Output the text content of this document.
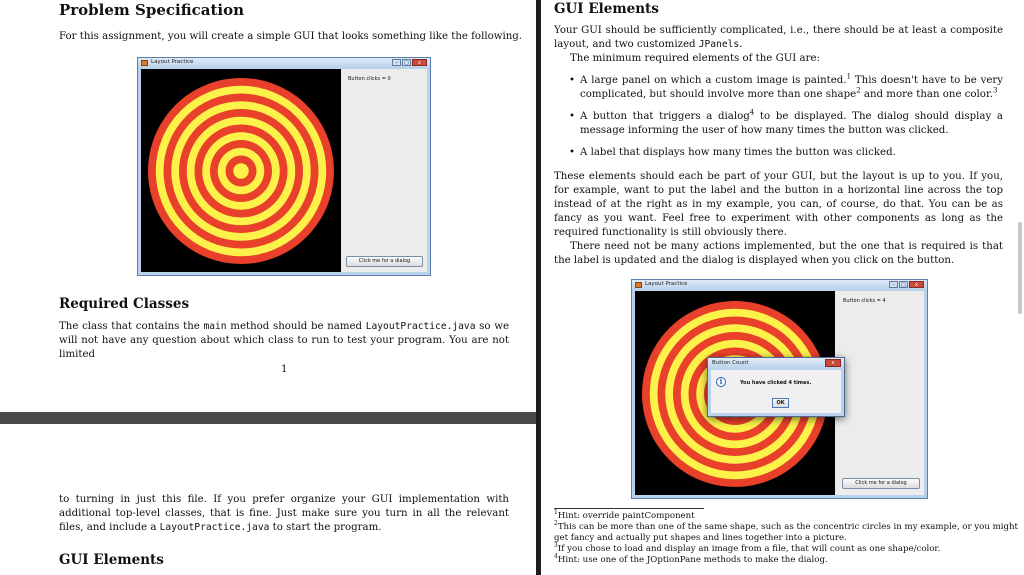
Problem Specification
For this assignment, you will create a simple GUI that looks something like the following.
Layout Practice	–	□	x
Button clicks = 0
Click me for a dialog
Required Classes
The class that contains the main method should be named LayoutPractice.java so we will not have any question about which class to run to test your program. You are not limited
1
to turning in just this file. If you prefer organize your GUI implementation with additional top-level classes, that is fine. Just make sure you turn in all the relevant files, and include a LayoutPractice.java to start the program.
GUI Elements
GUI Elements
Your GUI should be sufficiently complicated, i.e., there should be at least a composite layout, and two customized JPanels.
The minimum required elements of the GUI are:
• A large panel on which a custom image is painted.$^1$ This doesn't have to be very complicated, but should involve more than one shape$^2$ and more than one color.$^3$
• A button that triggers a dialog$^4$ to be displayed. The dialog should display a message informing the user of how many times the button was clicked.
• A label that displays how many times the button was clicked.
These elements should each be part of your GUI, but the layout is up to you. If you, for example, want to put the label and the button in a horizontal line across the top instead of at the right as in my example, you can, of course, do that. You can be as fancy as you want. Feel free to experiment with other components as long as the required functionality is still obviously there.
There need not be many actions implemented, but the one that is required is that the label is updated and the dialog is displayed when you click on the button.
Layout Practice	–	□	x
Button clicks = 4
Click me for a dialog
Button Count	x
i	You have clicked 4 times.
OK
$^1$Hint: override paintComponent
$^2$This can be more than one of the same shape, such as the concentric circles in my example, or you might
get fancy and actually put shapes and lines together into a picture.
$^3$If you chose to load and display an image from a file, that will count as one shape/color.
$^4$Hint: use one of the JOptionPane methods to make the dialog.
